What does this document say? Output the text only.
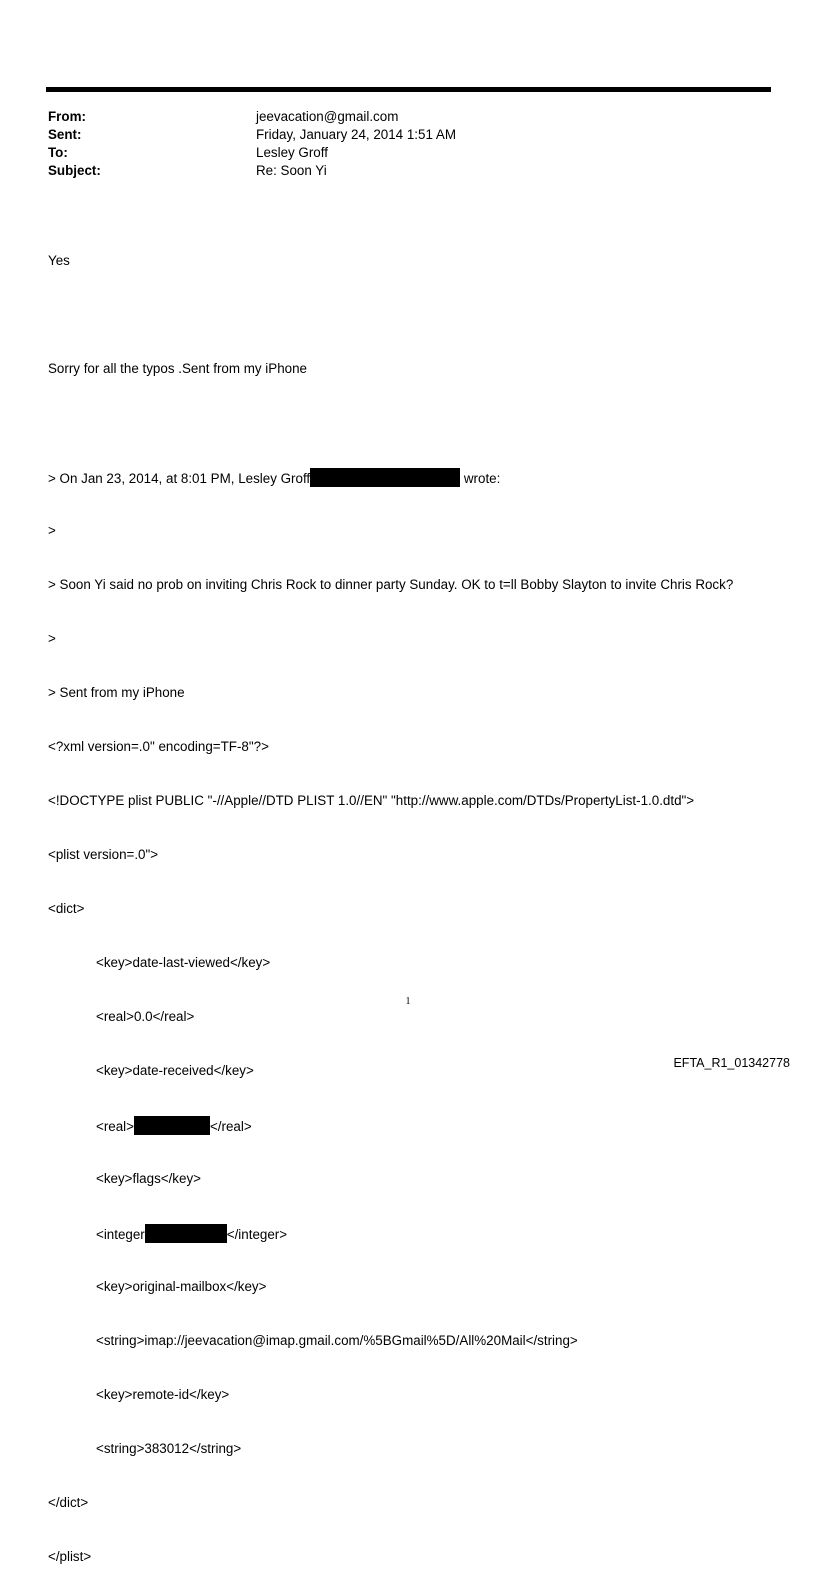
From:	jeevacation@gmail.com
Sent:	Friday, January 24, 2014 1:51 AM
To:	Lesley Groff
Subject:	Re: Soon Yi

Yes

Sorry for all the typos .Sent from my iPhone

> On Jan 23, 2014, at 8:01 PM, Lesley Groff	wrote:

>

> Soon Yi said no prob on inviting Chris Rock to dinner party Sunday. OK to t=ll Bobby Slayton to invite Chris Rock?

>

> Sent from my iPhone

<?xml version=.0" encoding=TF-8"?>

<!DOCTYPE plist PUBLIC "-//Apple//DTD PLIST 1.0//EN" "http://www.apple.com/DTDs/PropertyList-1.0.dtd">

<plist version=.0">

<dict>

<key>date-last-viewed</key>

<real>0.0</real>

<key>date-received</key>

<real>	</real>

<key>flags</key>

<integer	</integer>

<key>original-mailbox</key>

<string>imap://jeevacation@imap.gmail.com/%5BGmail%5D/All%20Mail</string>

<key>remote-id</key>

<string>383012</string>

</dict>

</plist>

1
EFTA_R1_01342778
